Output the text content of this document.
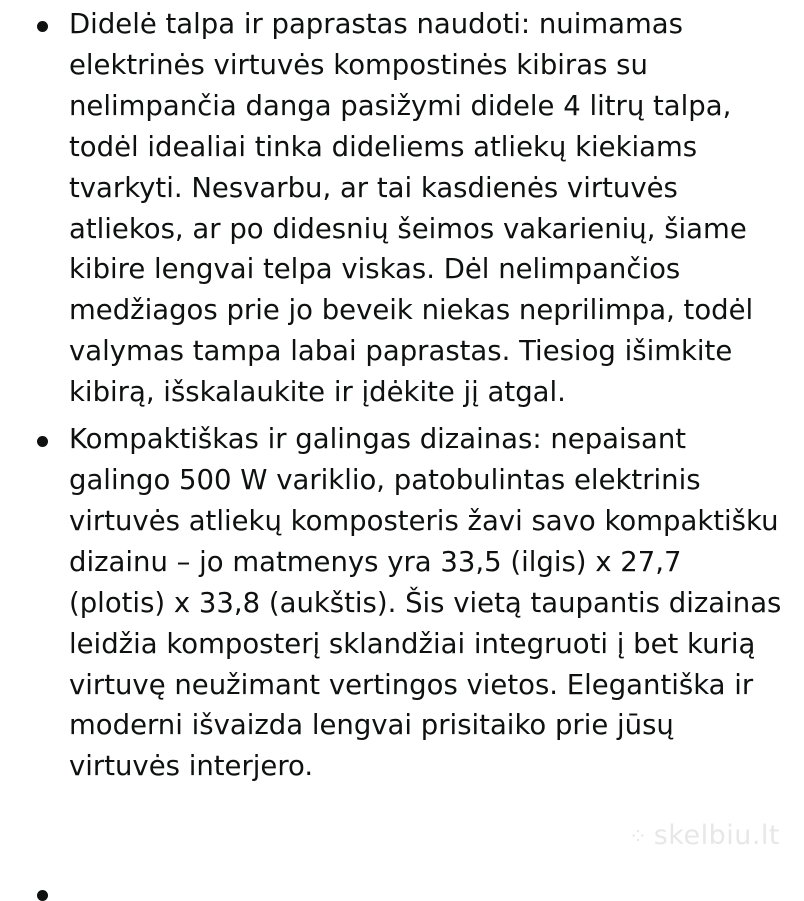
Didelė talpa ir paprastas naudoti: nuimamas elektrinės virtuvės kompostinės kibiras su nelimpančia danga pasižymi didele 4 litrų talpa, todėl idealiai tinka dideliems atliekų kiekiams tvarkyti. Nesvarbu, ar tai kasdienės virtuvės atliekos, ar po didesnių šeimos vakarienių, šiame kibire lengvai telpa viskas. Dėl nelimpančios medžiagos prie jo beveik niekas neprilimpa, todėl valymas tampa labai paprastas. Tiesiog išimkite kibirą, išskalaukite ir įdėkite jį atgal.
Kompaktiškas ir galingas dizainas: nepaisant galingo 500 W variklio, patobulintas elektrinis virtuvės atliekų komposteris žavi savo kompaktišku dizainu – jo matmenys yra 33,5 (ilgis) x 27,7 (plotis) x 33,8 (aukštis). Šis vietą taupantis dizainas leidžia komposterį sklandžiai integruoti į bet kurią virtuvę neužimant vertingos vietos. Elegantiška ir moderni išvaizda lengvai prisitaiko prie jūsų virtuvės interjero.
⁘ skelbiu.lt
